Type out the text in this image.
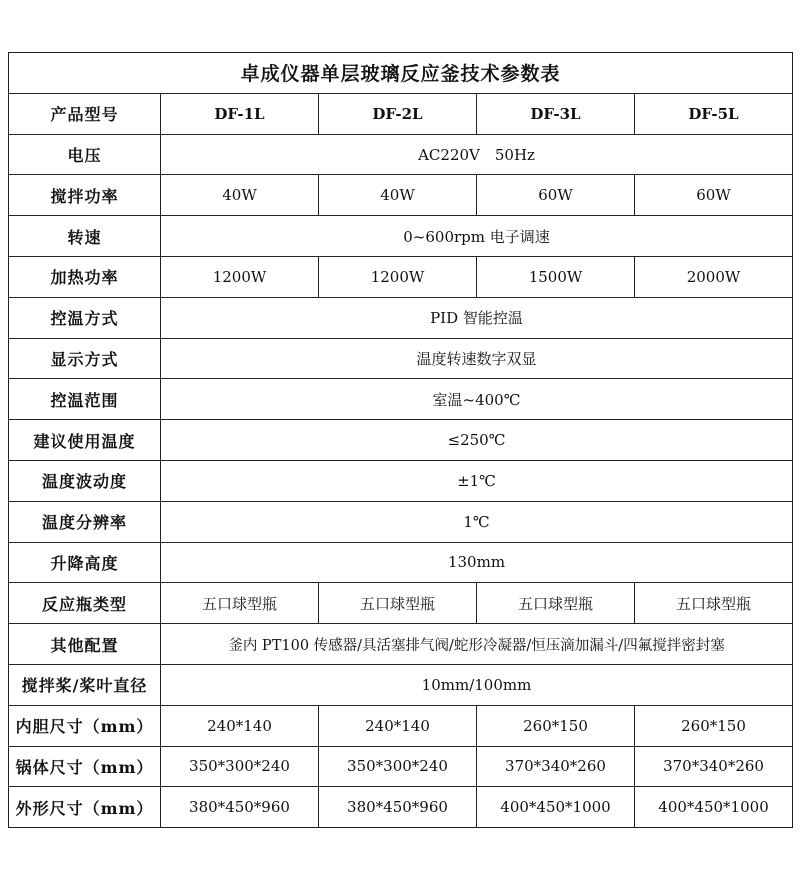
卓成仪器单层玻璃反应釜技术参数表				
产品型号	DF-1L	DF-2L	DF-3L	DF-5L
电压	AC220V　50Hz			
搅拌功率	40W	40W	60W	60W
转速	0~600rpm 电子调速			
加热功率	1200W	1200W	1500W	2000W
控温方式	PID 智能控温			
显示方式	温度转速数字双显			
控温范围	室温~400℃			
建议使用温度	≤250℃			
温度波动度	±1℃			
温度分辨率	1℃			
升降高度	130mm			
反应瓶类型	五口球型瓶	五口球型瓶	五口球型瓶	五口球型瓶
其他配置	釜内 PT100 传感器/具活塞排气阀/蛇形冷凝器/恒压滴加漏斗/四氟搅拌密封塞			
搅拌桨/桨叶直径	10mm/100mm			
内胆尺寸（mm）	240*140	240*140	260*150	260*150
锅体尺寸（mm）	350*300*240	350*300*240	370*340*260	370*340*260
外形尺寸（mm）	380*450*960	380*450*960	400*450*1000	400*450*1000
